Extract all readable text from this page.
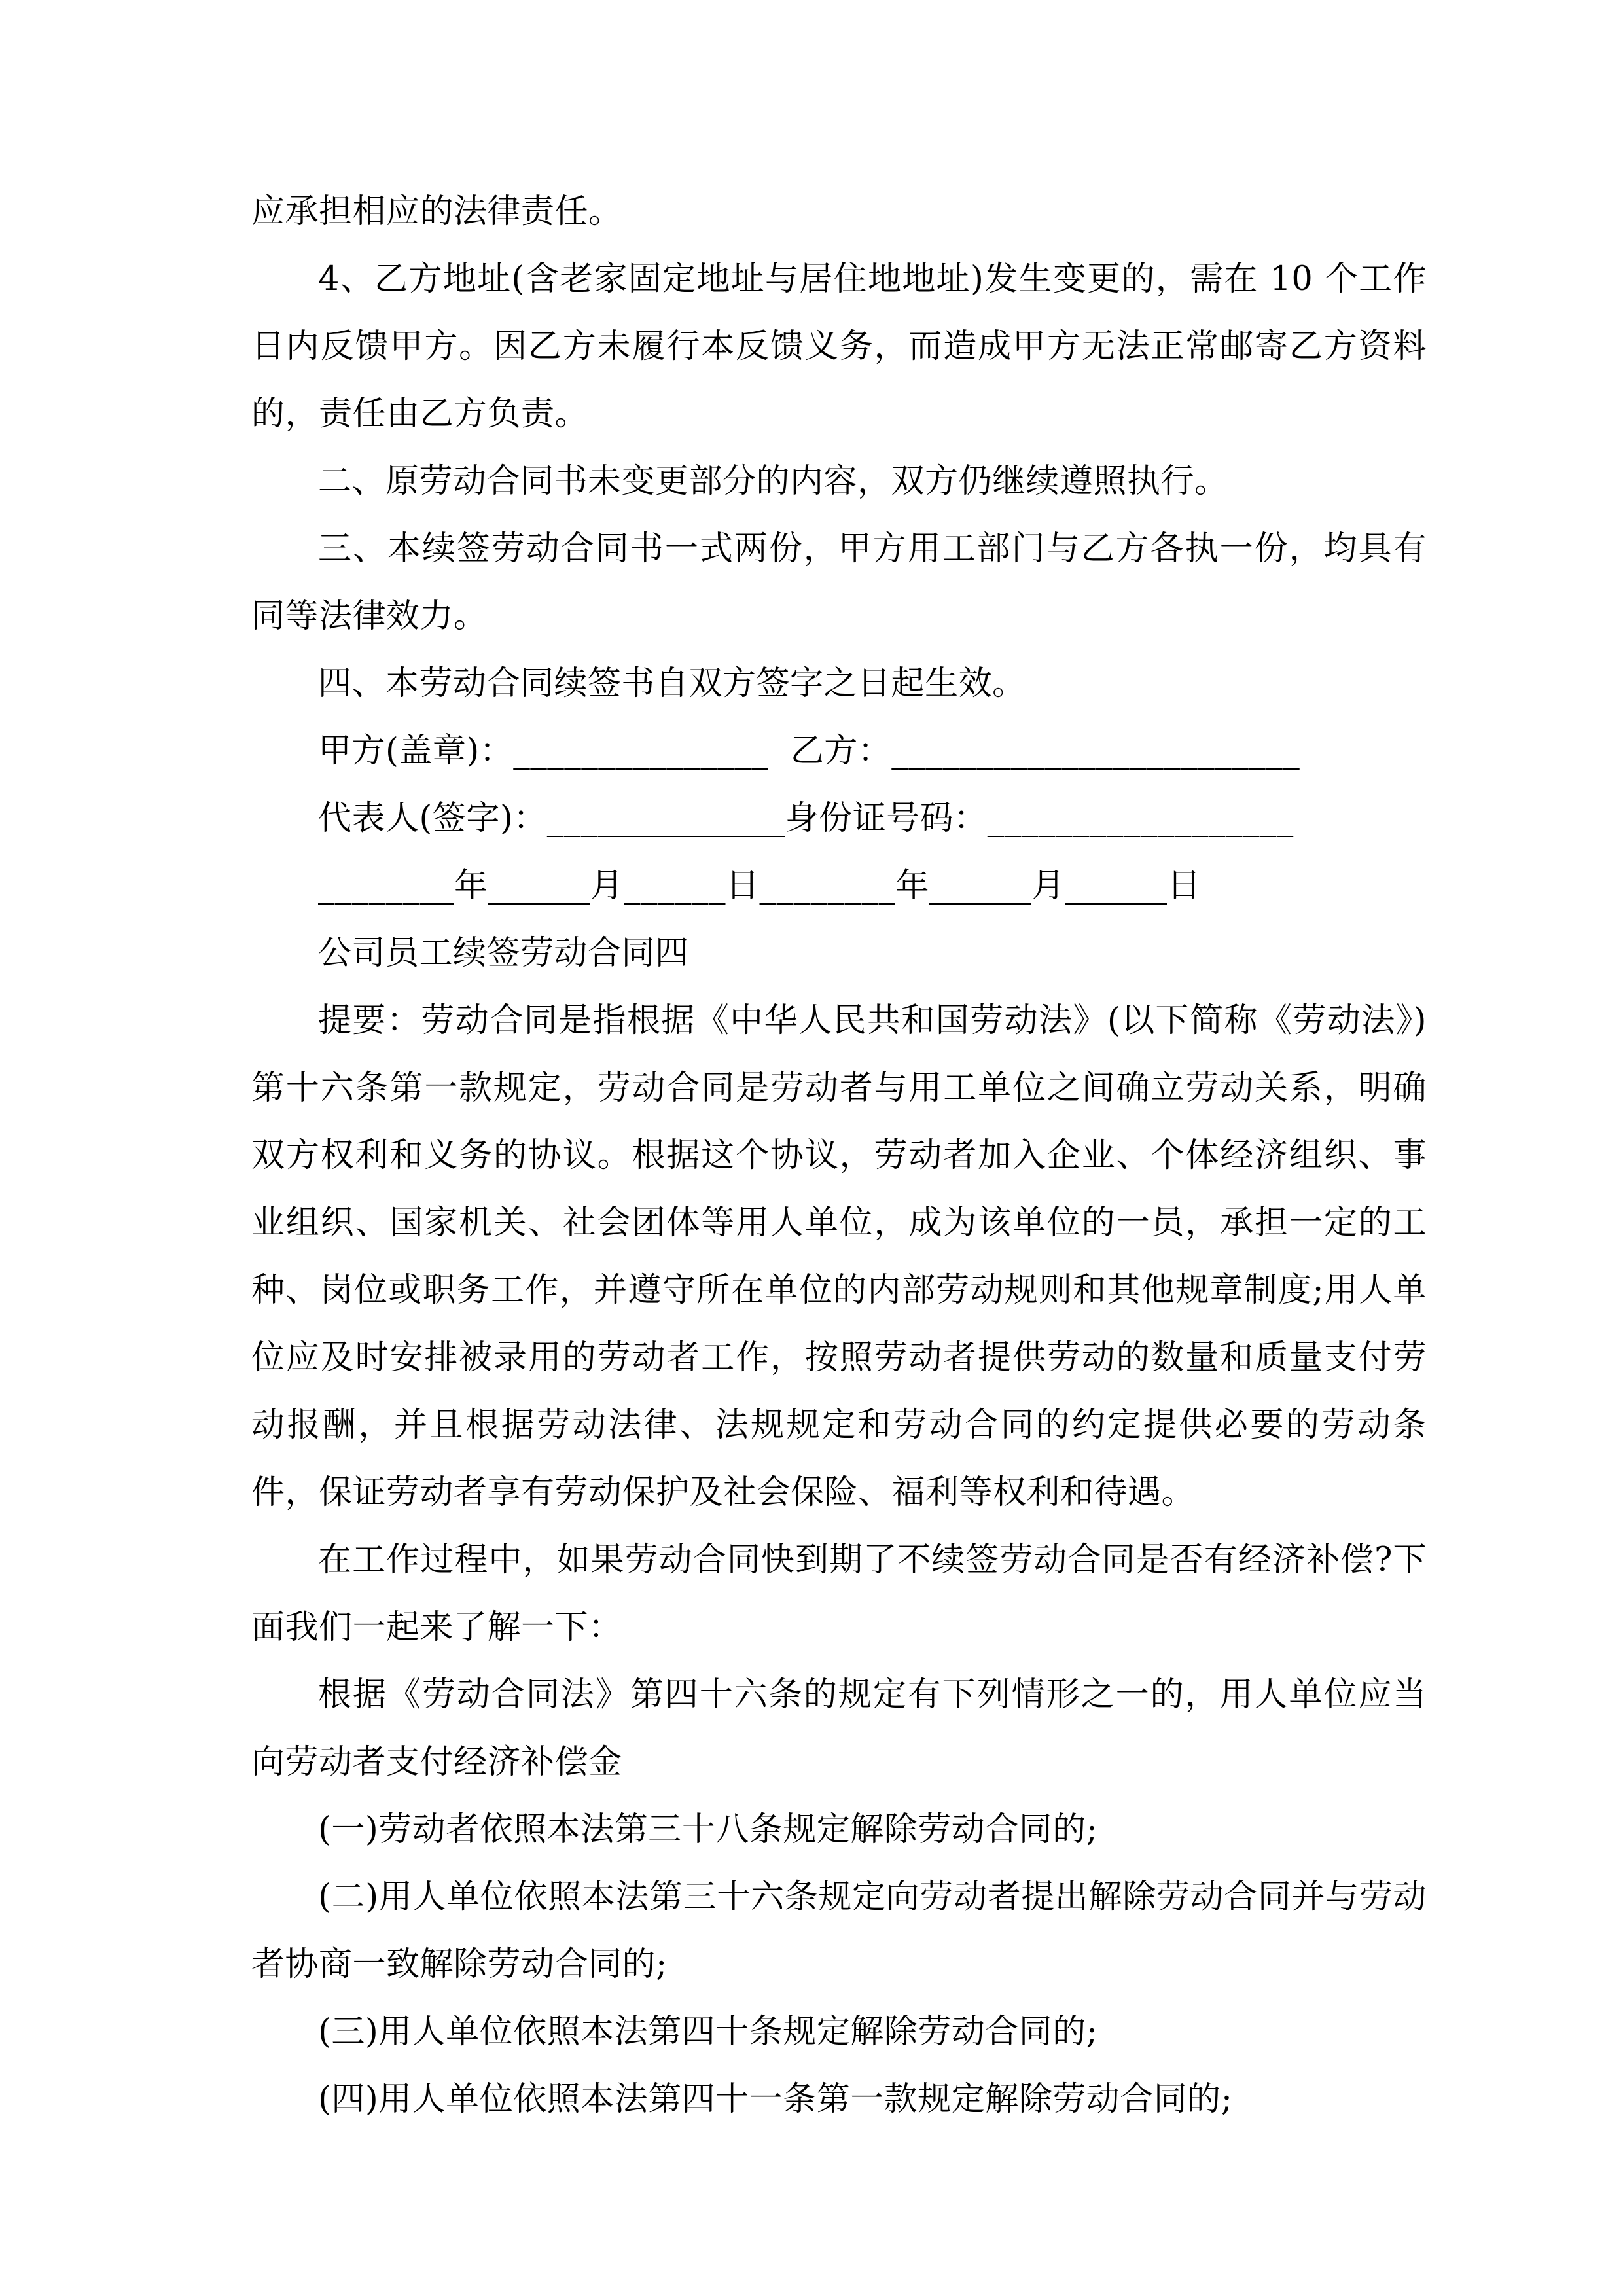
应承担相应的法律责任。

4、乙方地址(含老家固定地址与居住地地址)发生变更的，需在 10 个工作日内反馈甲方。因乙方未履行本反馈义务，而造成甲方无法正常邮寄乙方资料的，责任由乙方负责。

二、原劳动合同书未变更部分的内容，双方仍继续遵照执行。

三、本续签劳动合同书一式两份，甲方用工部门与乙方各执一份，均具有同等法律效力。

四、本劳动合同续签书自双方签字之日起生效。

甲方(盖章)：_______________  乙方：________________________

代表人(签字)：______________身份证号码：__________________

________年______月______日________年______月______日

公司员工续签劳动合同四

提要：劳动合同是指根据《中华人民共和国劳动法》(以下简称《劳动法》)第十六条第一款规定，劳动合同是劳动者与用工单位之间确立劳动关系，明确双方权利和义务的协议。根据这个协议，劳动者加入企业、个体经济组织、事业组织、国家机关、社会团体等用人单位，成为该单位的一员，承担一定的工种、岗位或职务工作，并遵守所在单位的内部劳动规则和其他规章制度;用人单位应及时安排被录用的劳动者工作，按照劳动者提供劳动的数量和质量支付劳动报酬，并且根据劳动法律、法规规定和劳动合同的约定提供必要的劳动条件，保证劳动者享有劳动保护及社会保险、福利等权利和待遇。

在工作过程中，如果劳动合同快到期了不续签劳动合同是否有经济补偿?下面我们一起来了解一下：

根据《劳动合同法》第四十六条的规定有下列情形之一的，用人单位应当向劳动者支付经济补偿金

(一)劳动者依照本法第三十八条规定解除劳动合同的;

(二)用人单位依照本法第三十六条规定向劳动者提出解除劳动合同并与劳动者协商一致解除劳动合同的;

(三)用人单位依照本法第四十条规定解除劳动合同的;

(四)用人单位依照本法第四十一条第一款规定解除劳动合同的;
